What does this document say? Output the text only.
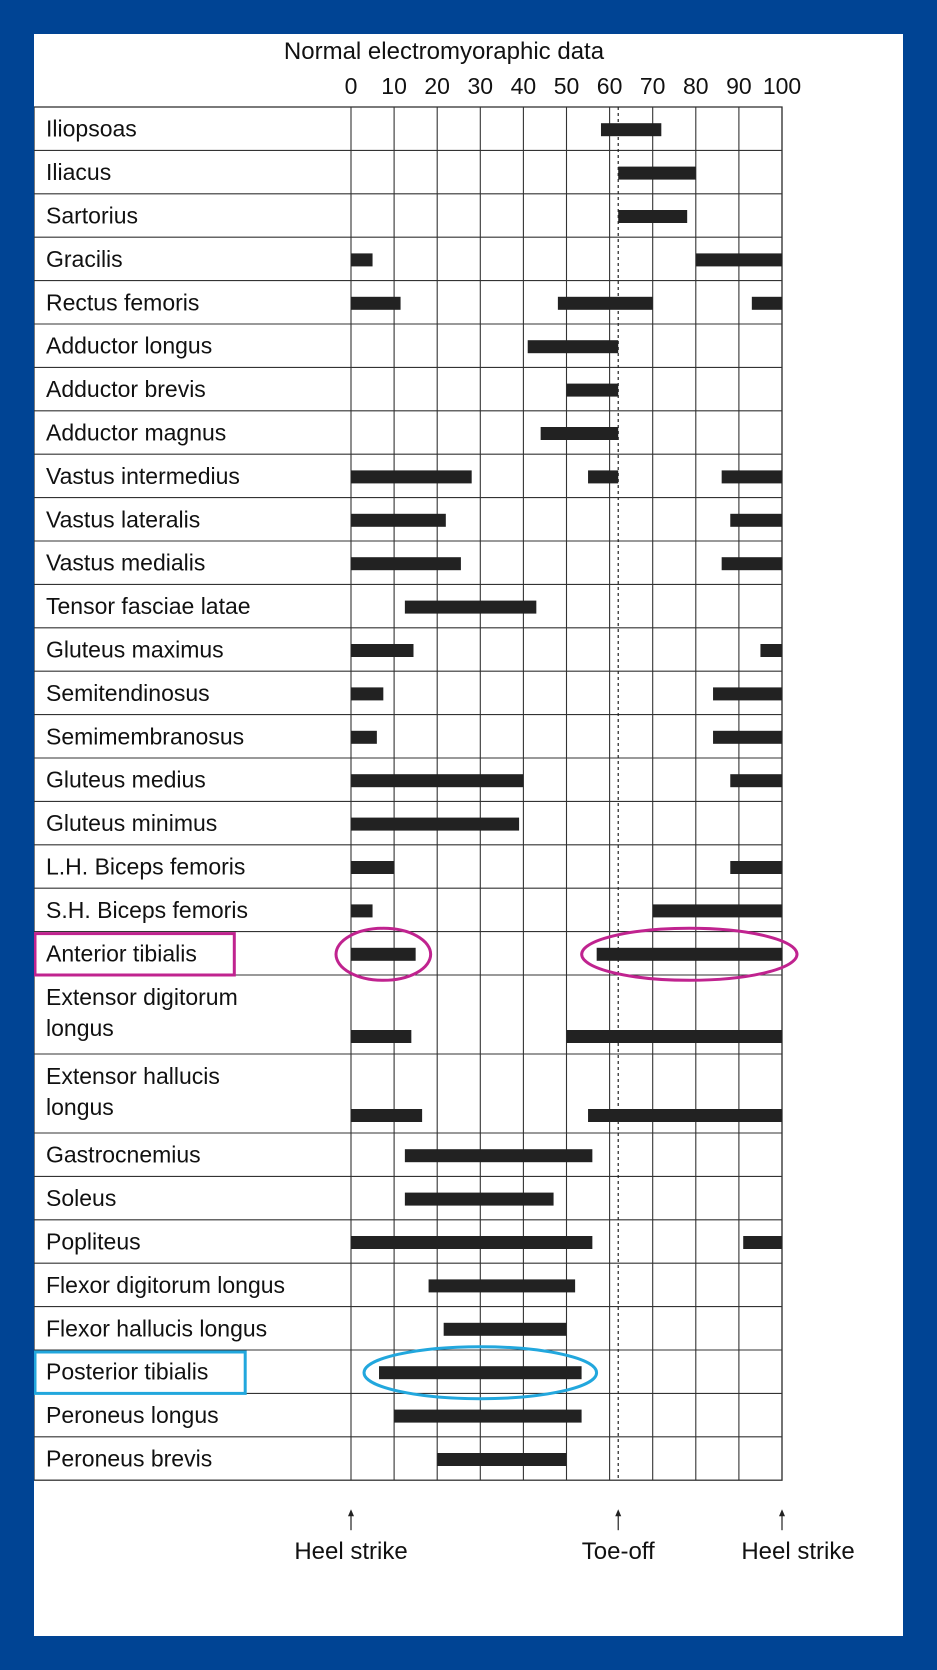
Normal electromyoraphic data
0 10 20 30 40 50 60 70 80 90 100
Iliopsoas
Iliacus
Sartorius
Gracilis
Rectus femoris
Adductor longus
Adductor brevis
Adductor magnus
Vastus intermedius
Vastus lateralis
Vastus medialis
Tensor fasciae latae
Gluteus maximus
Semitendinosus
Semimembranosus
Gluteus medius
Gluteus minimus
L.H. Biceps femoris
S.H. Biceps femoris
Anterior tibialis
Extensor digitorum
longus
Extensor hallucis
longus
Gastrocnemius
Soleus
Popliteus
Flexor digitorum longus
Flexor hallucis longus
Posterior tibialis
Peroneus longus
Peroneus brevis
Heel strike	Toe-off	Heel strike
